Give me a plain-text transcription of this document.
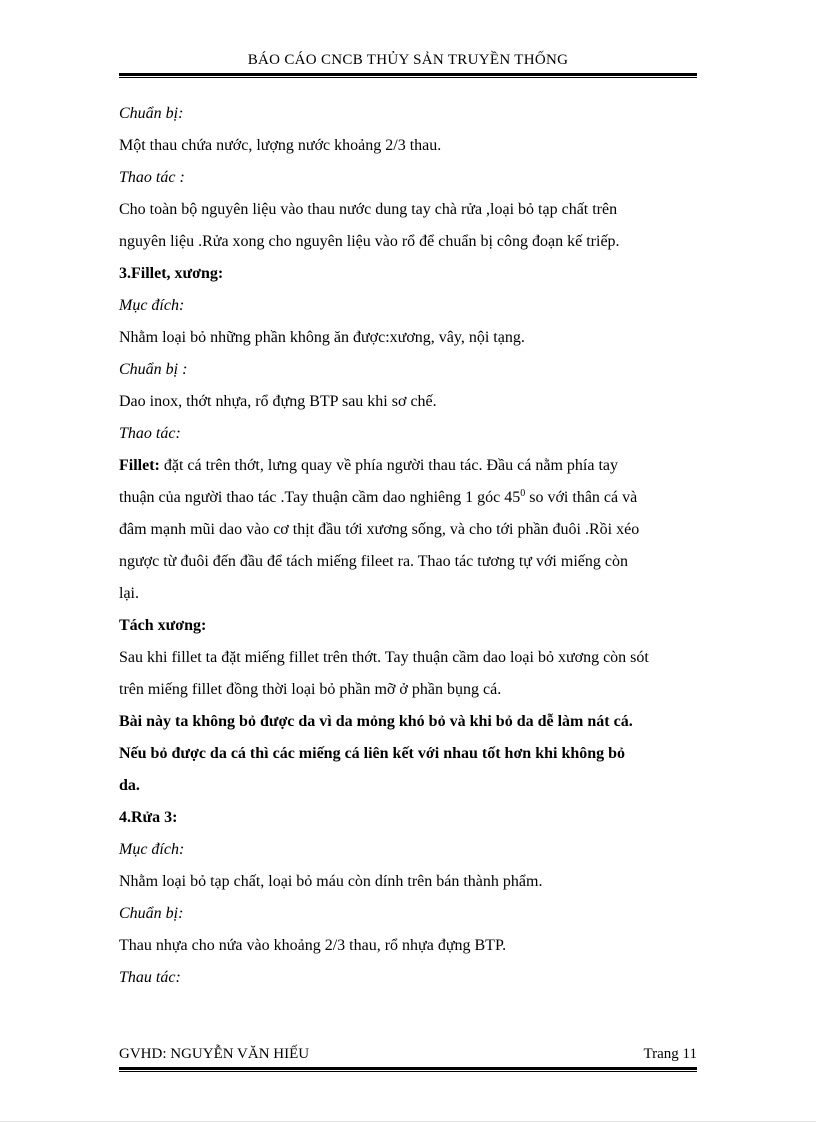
BÁO CÁO CNCB THỦY SẢN TRUYỀN THỐNG
Chuẩn bị:
Một thau chứa nước, lượng nước khoảng 2/3 thau.
Thao tác :
Cho toàn bộ nguyên liệu vào thau nước dung tay chà rửa ,loại bỏ tạp chất trên
nguyên liệu .Rửa xong cho nguyên liệu vào rổ để chuẩn bị công đoạn kế triếp.
3.Fillet, xương:
Mục đích:
Nhằm loại bỏ những phần không ăn được:xương, vây, nội tạng.
Chuẩn bị :
Dao inox, thớt nhựa, rổ đựng BTP sau khi sơ chế.
Thao tác:
Fillet: đặt cá trên thớt, lưng quay về phía người thau tác. Đầu cá nằm phía tay
thuận của người thao tác .Tay thuận cầm dao nghiêng 1 góc $45^0$ so với thân cá và
đâm mạnh mũi dao vào cơ thịt đầu tới xương sống, và cho tới phần đuôi .Rồi xéo
ngược từ đuôi đến đầu để tách miếng fileet ra. Thao tác tương tự với miếng còn
lại.
Tách xương:
Sau khi fillet ta đặt miếng fillet trên thớt. Tay thuận cầm dao loại bỏ xương còn sót
trên miếng fillet đồng thời loại bỏ phần mỡ ở phần bụng cá.
Bài này ta không bỏ được da vì da mỏng khó bỏ và khi bỏ da dễ làm nát cá.
Nếu bỏ được da cá thì các miếng cá liên kết với nhau tốt hơn khi không bỏ
da.
4.Rửa 3:
Mục đích:
Nhằm loại bỏ tạp chất, loại bỏ máu còn dính trên bán thành phẩm.
Chuẩn bị:
Thau nhựa cho nứa vào khoảng 2/3 thau, rổ nhựa đựng BTP.
Thau tác:
GVHD: NGUYỄN VĂN HIẾU	Trang 11
